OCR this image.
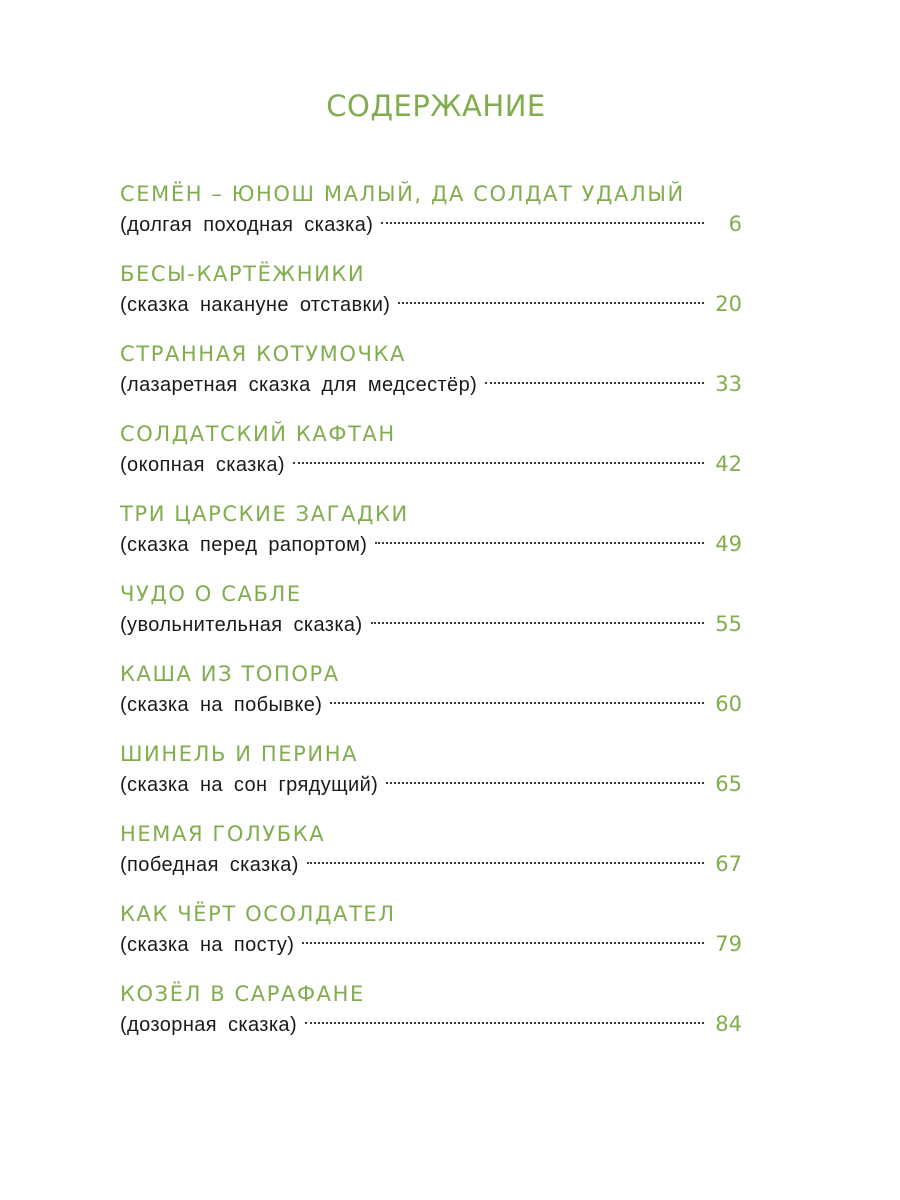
СОДЕРЖАНИЕ
СЕМЁН – ЮНОШ МАЛЫЙ, ДА СОЛДАТ УДАЛЫЙ
(долгая походная сказка)	6
БЕСЫ-КАРТЁЖНИКИ
(сказка накануне отставки)	20
СТРАННАЯ КОТУМОЧКА
(лазаретная сказка для медсестёр)	33
СОЛДАТСКИЙ КАФТАН
(окопная сказка)	42
ТРИ ЦАРСКИЕ ЗАГАДКИ
(сказка перед рапортом)	49
ЧУДО О САБЛЕ
(увольнительная сказка)	55
КАША ИЗ ТОПОРА
(сказка на побывке)	60
ШИНЕЛЬ И ПЕРИНА
(сказка на сон грядущий)	65
НЕМАЯ ГОЛУБКА
(победная сказка)	67
КАК ЧЁРТ ОСОЛДАТЕЛ
(сказка на посту)	79
КОЗЁЛ В САРАФАНЕ
(дозорная сказка)	84
